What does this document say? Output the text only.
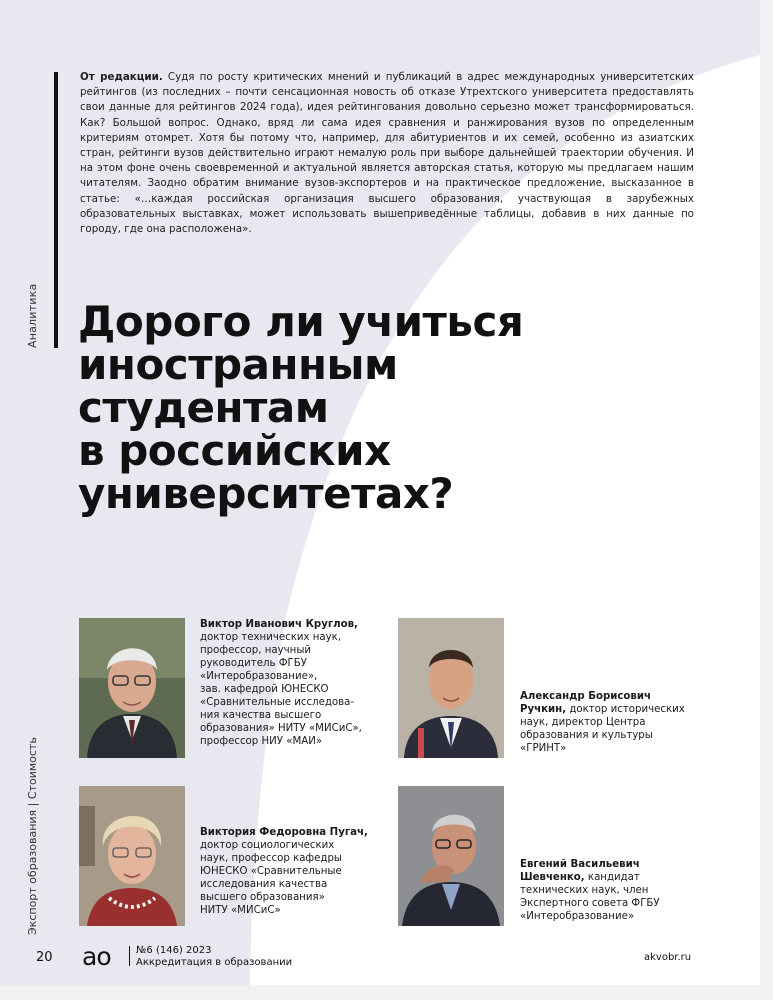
Аналитика
Экспорт образования | Стоимость
От редакции. Судя по росту критических мнений и публикаций в адрес международных университетских рейтингов (из последних – почти сенсационная новость об отказе Утрехтского университета предоставлять свои данные для рейтингов 2024 года), идея рейтингования довольно серьезно может трансформироваться. Как? Большой вопрос. Однако, вряд ли сама идея сравнения и ранжирования вузов по определенным критериям отомрет. Хотя бы потому что, например, для абитуриентов и их семей, особенно из азиатских стран, рейтинги вузов действительно играют немалую роль при выборе дальнейшей траектории обучения. И на этом фоне очень своевременной и актуальной является авторская статья, которую мы предлагаем нашим читателям. Заодно обратим внимание вузов-экспортеров и на практическое предложение, высказанное в статье: «…каждая российская организация высшего образования, участвующая в зарубежных образовательных выставках, может использовать вышеприведённые таблицы, добавив в них данные по городу, где она расположена».
Дорого ли учиться
иностранным
студентам
в российских
университетах?
Виктор Иванович Круглов,
доктор технических наук,
профессор, научный
руководитель ФГБУ
«Интеробразование»,
зав. кафедрой ЮНЕСКО
«Сравнительные исследова-
ния качества высшего
образования» НИТУ «МИСиС»,
профессор НИУ «МАИ»
Александр Борисович
Ручкин, доктор исторических
наук, директор Центра
образования и культуры
«ГРИНТ»
Виктория Федоровна Пугач,
доктор социологических
наук, профессор кафедры
ЮНЕСКО «Сравнительные
исследования качества
высшего образования»
НИТУ «МИСиС»
Евгений Васильевич
Шевченко, кандидат
технических наук, член
Экспертного совета ФГБУ
«Интеробразование»
20 ао	№6 (146) 2023
Аккредитация в образовании	akvobr.ru
